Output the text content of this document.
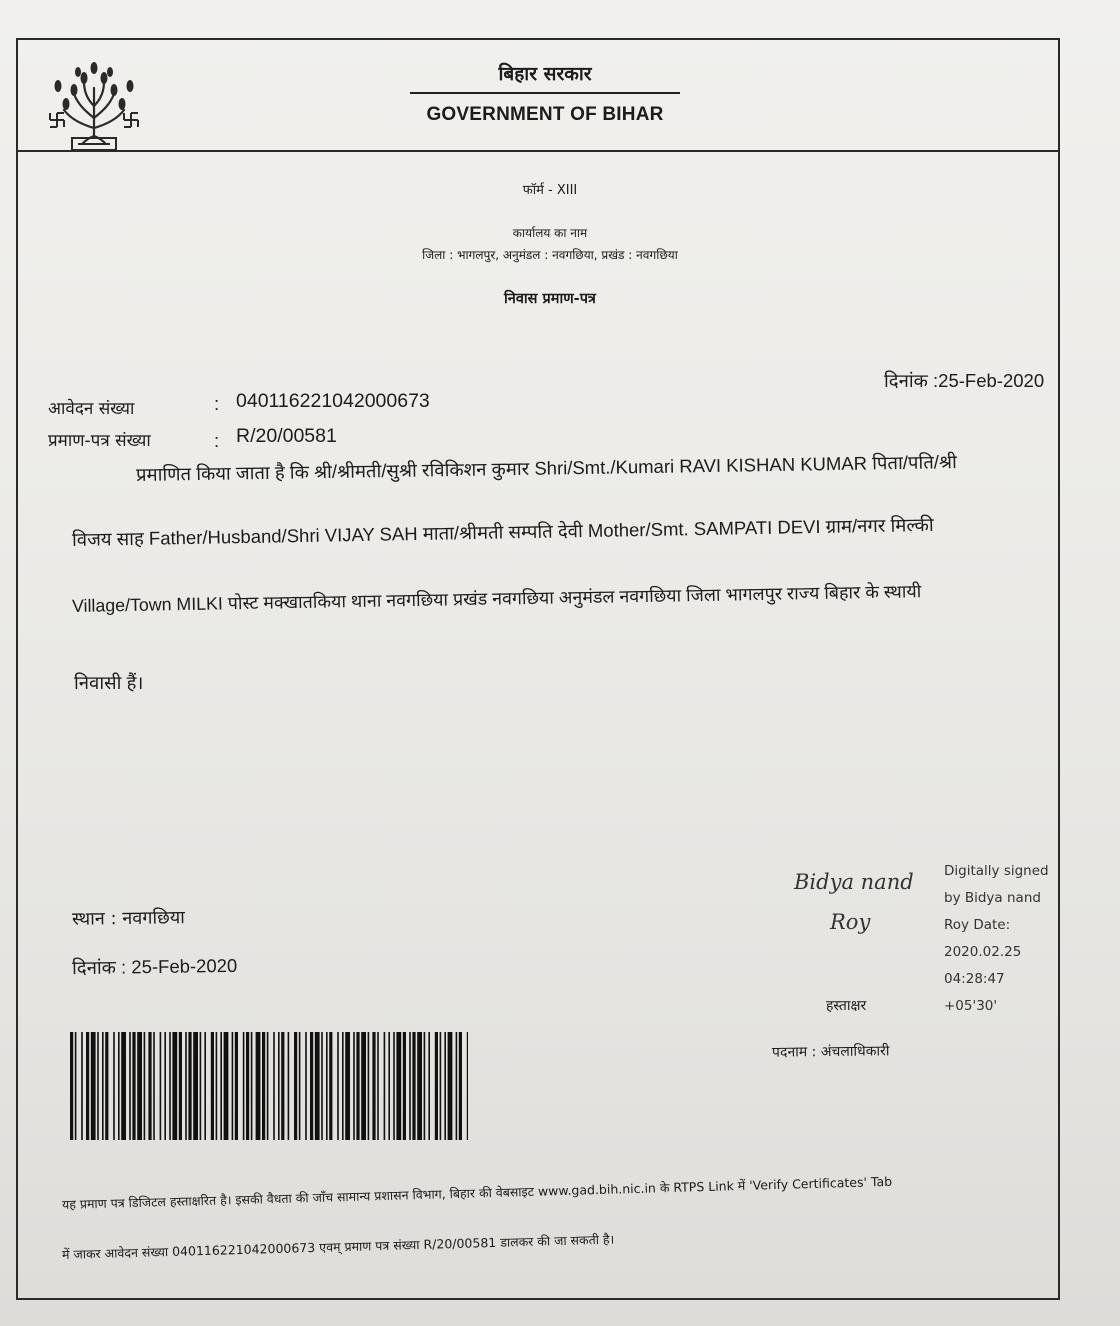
बिहार सरकार
GOVERNMENT OF BIHAR
फॉर्म - XIII
कार्यालय का नाम
जिला : भागलपुर, अनुमंडल : नवगछिया, प्रखंड : नवगछिया
निवास प्रमाण-पत्र
दिनांक :25-Feb-2020
आवेदन संख्या	: 040116221042000673
प्रमाण-पत्र संख्या	: R/20/00581
प्रमाणित किया जाता है कि श्री/श्रीमती/सुश्री रविकिशन कुमार Shri/Smt./Kumari RAVI KISHAN KUMAR पिता/पति/श्री
विजय साह Father/Husband/Shri VIJAY SAH माता/श्रीमती सम्पति देवी Mother/Smt. SAMPATI DEVI ग्राम/नगर मिल्की
Village/Town MILKI पोस्ट मक्खातकिया थाना नवगछिया प्रखंड नवगछिया अनुमंडल नवगछिया जिला भागलपुर राज्य बिहार के स्थायी
निवासी हैं।
स्थान : नवगछिया
दिनांक : 25-Feb-2020
Bidya nand
Roy
Digitally signed
by Bidya nand
Roy Date:
2020.02.25
04:28:47
+05'30'
हस्ताक्षर
पदनाम : अंचलाधिकारी
यह प्रमाण पत्र डिजिटल हस्ताक्षरित है। इसकी वैधता की जाँच सामान्य प्रशासन विभाग, बिहार की वेबसाइट www.gad.bih.nic.in के RTPS Link में 'Verify Certificates' Tab
में जाकर आवेदन संख्या 040116221042000673 एवम् प्रमाण पत्र संख्या R/20/00581 डालकर की जा सकती है।
